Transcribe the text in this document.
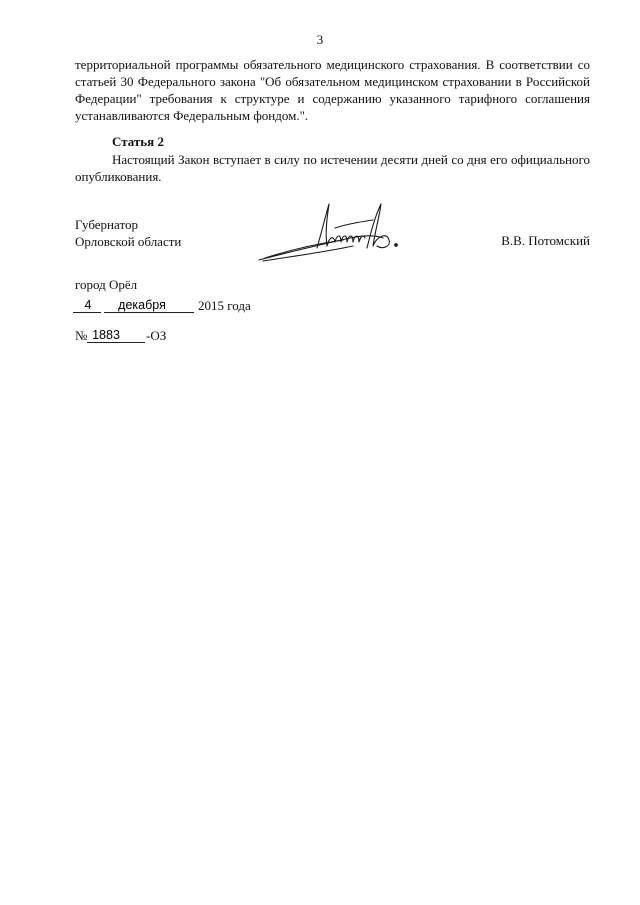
3
территориальной программы обязательного медицинского страхования. В соответствии со
статьей 30 Федерального закона "Об обязательном медицинском страховании в Российской
Федерации" требования к структуре и содержанию указанного тарифного соглашения
устанавливаются Федеральным фондом.".
Статья 2
Настоящий Закон вступает в силу по истечении десяти дней со дня его официального
опубликования.
Губернатор
Орловской области	В.В. Потомский
город Орёл
4	декабря	2015 года
№ 1883 -ОЗ
